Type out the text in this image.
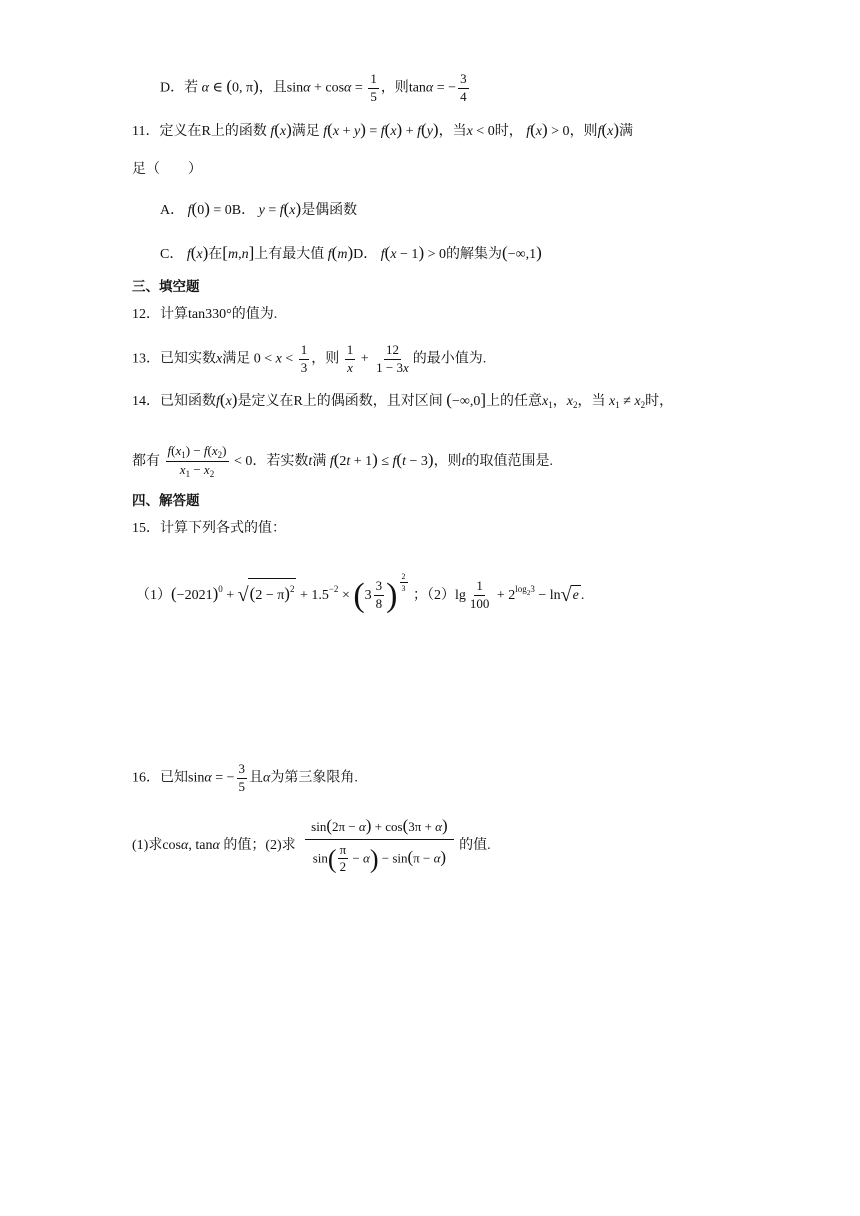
D．若 α ∈ (0, π)，且$\sin\alpha + \cos\alpha = \frac{1}{5}$ ，则tanα = − $\frac{3}{4}$
11．定义在R上的函数 f(x)满足 f(x + y) = f(x) + f(y)，当x < 0时， f(x) > 0，则f(x)满
足（　　）
A． f(0) = 0B． y = f(x)是偶函数
C． f(x)在[m,n]上有最大值 f(m)D． f(x − 1) > 0的解集为(−∞,1)
三、填空题
12．计算tan330°的值为.
13．已知实数x满足 $0 < x < \frac{1}{3}$ ，则 $\frac{1}{x} + \frac{12}{1 - 3x}$ 的最小值为.
14．已知函数f(x)是定义在R上的偶函数，且对区间 (−∞,0]上的任意$x_1$，$x_2$，当 $x_1 \ne x_2$时，
都有 $\frac{f(x_1) - f(x_2)}{x_1 - x_2} < 0$．若实数t满 f(2t + 1) ≤ f(t − 3)，则t的取值范围是.
四、解答题
15．计算下列各式的值：
$(1)(-2021)^0 + √(2 - \pi)^2 + 1.5^{-2} \times (3 \frac{3}{8}$ ) $^{\frac{2}{3}}$
；$(2)\lg \frac{1}{100} + 2^{log_23} - \ln√e$ .
16．已知sinα = − $\frac{3}{5}$ 且α为第三象限角.
(1)求cosα, tanα 的值；(2)求 $\frac{\sin(2\pi - \alpha) + \cos(3\pi + \alpha)}{\sin( \frac{\pi}{2} - \alpha) - \sin(\pi - \alpha)}$ 的值.
